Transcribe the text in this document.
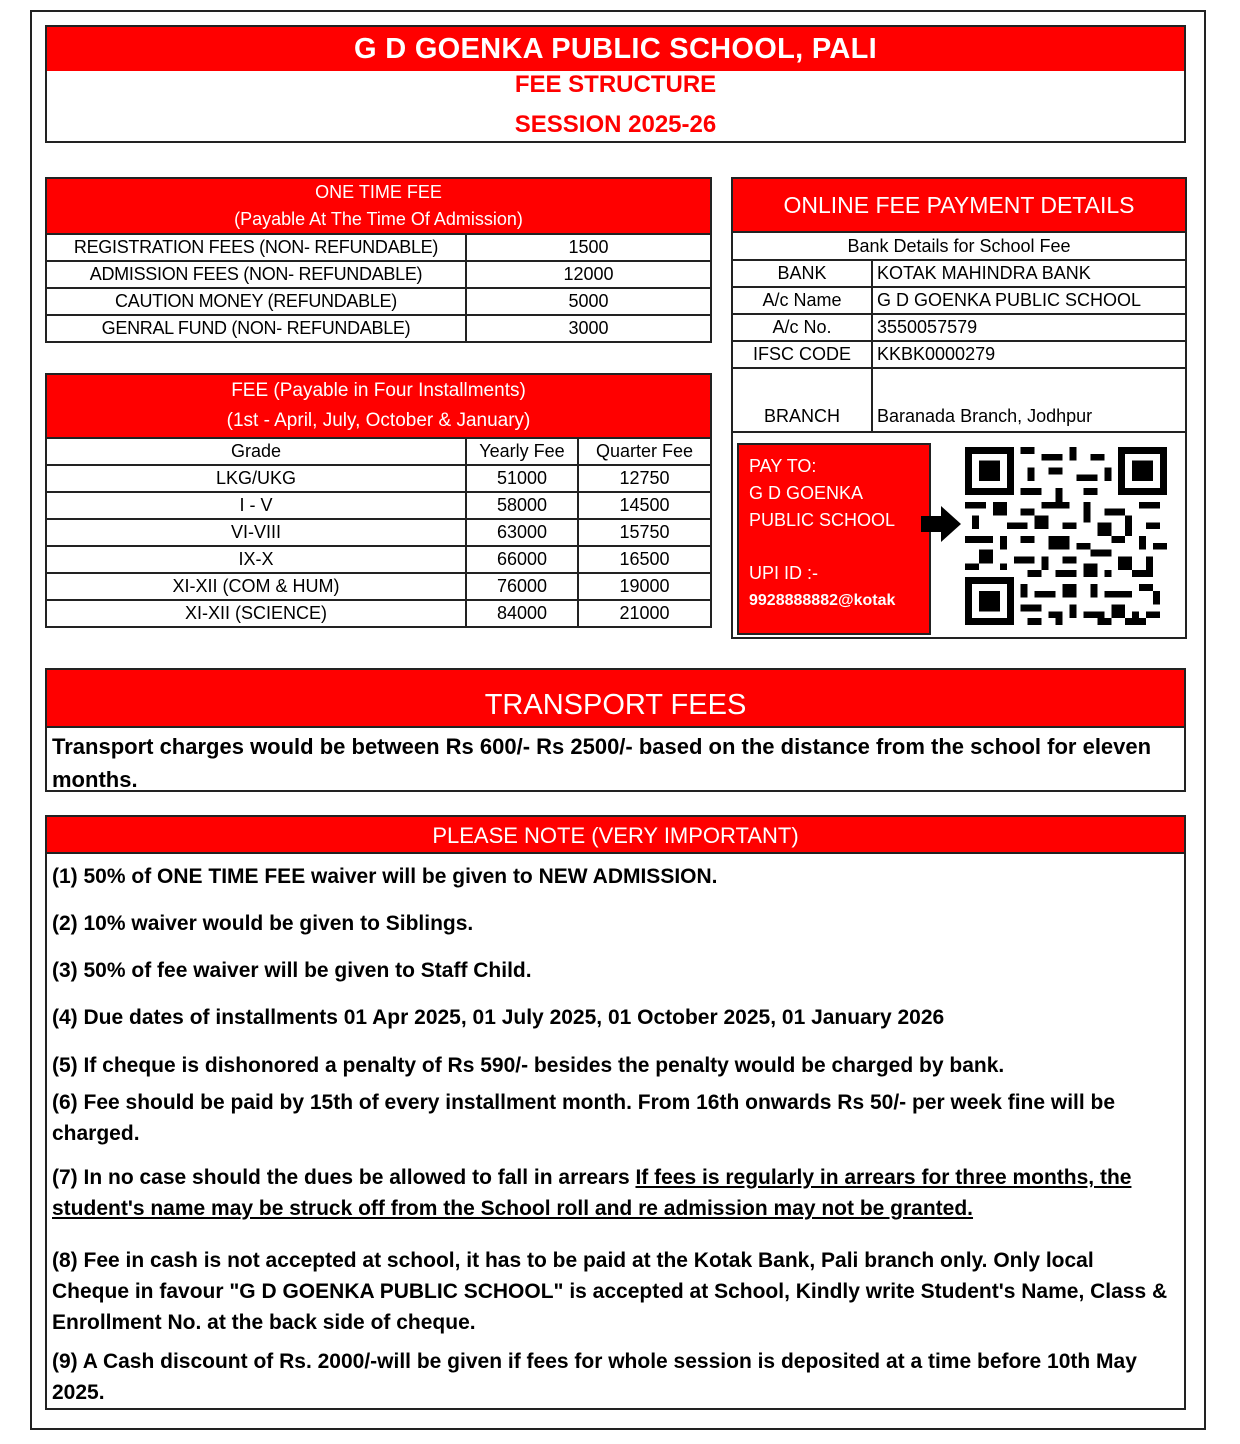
G D GOENKA PUBLIC SCHOOL, PALI
FEE STRUCTURE
SESSION 2025-26
ONE TIME FEE
(Payable At The Time Of Admission)	

REGISTRATION FEES (NON- REFUNDABLE)	1500
ADMISSION FEES (NON- REFUNDABLE)	12000
CAUTION MONEY (REFUNDABLE)	5000
GENRAL FUND (NON- REFUNDABLE)	3000
FEE (Payable in Four Installments)
(1st - April, July, October & January)		

Grade	Yearly Fee	Quarter Fee
LKG/UKG	51000	12750
I - V	58000	14500
VI-VIII	63000	15750
IX-X	66000	16500
XI-XII (COM & HUM)	76000	19000
XI-XII (SCIENCE)	84000	21000
ONLINE FEE PAYMENT DETAILS
Bank Details for School Fee	
BANK	KOTAK MAHINDRA BANK
A/c Name	G D GOENKA PUBLIC SCHOOL
A/c No.	3550057579
IFSC CODE	KKBK0000279
BRANCH	Baranada Branch, Jodhpur
PAY TO:
G D GOENKA
PUBLIC SCHOOL
UPI ID :-
9928888882@kotak
TRANSPORT FEES
Transport charges would be between Rs 600/- Rs 2500/- based on the distance from the school for eleven months.
PLEASE NOTE (VERY IMPORTANT)
(1) 50% of ONE TIME FEE waiver will be given to NEW ADMISSION.
(2) 10% waiver would be given to Siblings.
(3) 50% of fee waiver will be given to Staff Child.
(4) Due dates of installments 01 Apr 2025, 01 July 2025, 01 October 2025, 01 January 2026
(5) If cheque is dishonored a penalty of Rs 590/- besides the penalty would be charged by bank.
(6) Fee should be paid by 15th of every installment month. From 16th onwards Rs 50/- per week fine will be charged.
(7) In no case should the dues be allowed to fall in arrears If fees is regularly in arrears for three months, the student's name may be struck off from the School roll and re admission may not be granted.
(8) Fee in cash is not accepted at school, it has to be paid at the Kotak Bank, Pali branch only. Only local Cheque in favour "G D GOENKA PUBLIC SCHOOL" is accepted at School, Kindly write Student's Name, Class & Enrollment No. at the back side of cheque.
(9) A Cash discount of Rs. 2000/-will be given if fees for whole session is deposited at a time before 10th May 2025.
